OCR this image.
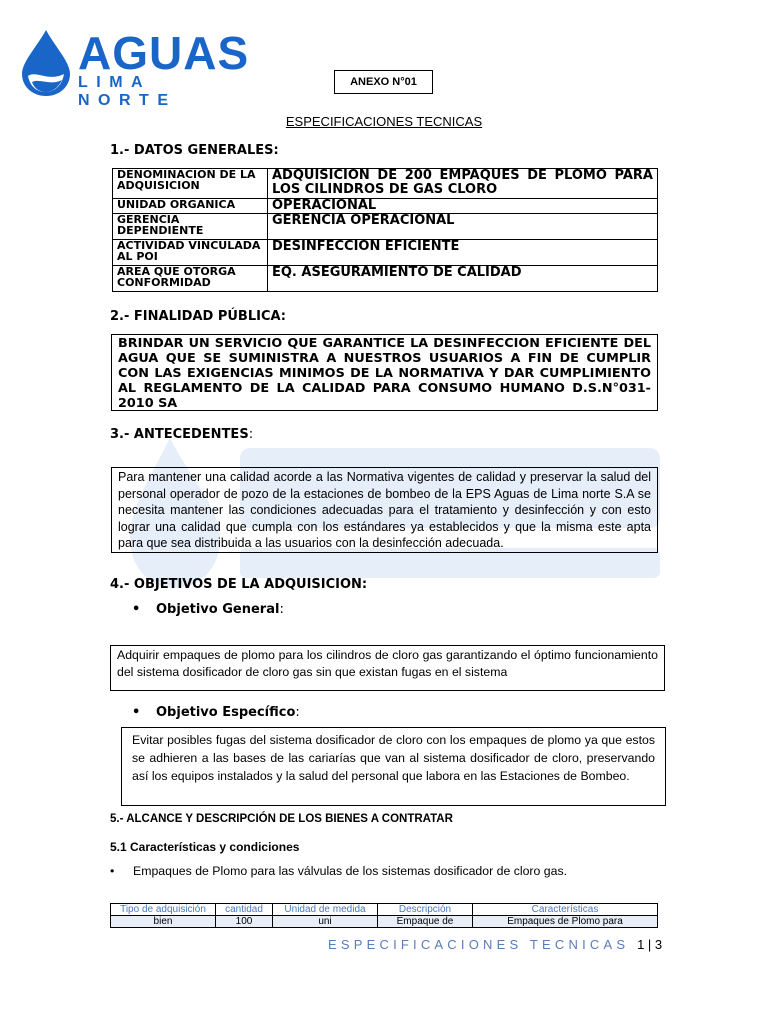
AGUAS
LIMA NORTE
ANEXO N°01
ESPECIFICACIONES TECNICAS
1.- DATOS GENERALES:
DENOMINACION DE LA ADQUISICION	ADQUISICION DE 200 EMPAQUES DE PLOMO PARA LOS CILINDROS DE GAS CLORO
UNIDAD ORGANICA	OPERACIONAL
GERENCIA DEPENDIENTE	GERENCIA OPERACIONAL
ACTIVIDAD VINCULADA AL POI	DESINFECCION EFICIENTE
AREA QUE OTORGA CONFORMIDAD	EQ. ASEGURAMIENTO DE CALIDAD
2.- FINALIDAD PÚBLICA:
BRINDAR UN SERVICIO QUE GARANTICE LA DESINFECCION EFICIENTE DEL AGUA QUE SE SUMINISTRA A NUESTROS USUARIOS A FIN DE CUMPLIR CON LAS EXIGENCIAS MINIMOS DE LA NORMATIVA Y DAR CUMPLIMIENTO AL REGLAMENTO DE LA CALIDAD PARA CONSUMO HUMANO D.S.N°031-2010 SA
3.- ANTECEDENTES:
Para mantener una calidad acorde a las Normativa vigentes de calidad y preservar la salud del personal operador de pozo de la estaciones de bombeo de la EPS Aguas de Lima norte S.A se necesita mantener las condiciones adecuadas para el tratamiento y desinfección y con esto lograr una calidad que cumpla con los estándares ya establecidos y que la misma este apta para que sea distribuida a las usuarios con la desinfección adecuada.
4.- OBJETIVOS DE LA ADQUISICION:
• Objetivo General:
Adquirir empaques de plomo para los cilindros de cloro gas garantizando el óptimo funcionamiento del sistema dosificador de cloro gas sin que existan fugas en el sistema
• Objetivo Específico:
Evitar posibles fugas del sistema dosificador de cloro con los empaques de plomo ya que estos se adhieren a las bases de las cariarías que van al sistema dosificador de cloro, preservando así los equipos instalados y la salud del personal que labora en las Estaciones de Bombeo.
5.- ALCANCE Y DESCRIPCIÓN DE LOS BIENES A CONTRATAR
5.1 Características y condiciones
• Empaques de Plomo para las válvulas de los sistemas dosificador de cloro gas.
Tipo de adquisición	cantidad	Unidad de medida	Descripción	Características
bien	100	uni	Empaque de	Empaques de Plomo para
ESPECIFICACIONES TECNICAS 1 | 3
